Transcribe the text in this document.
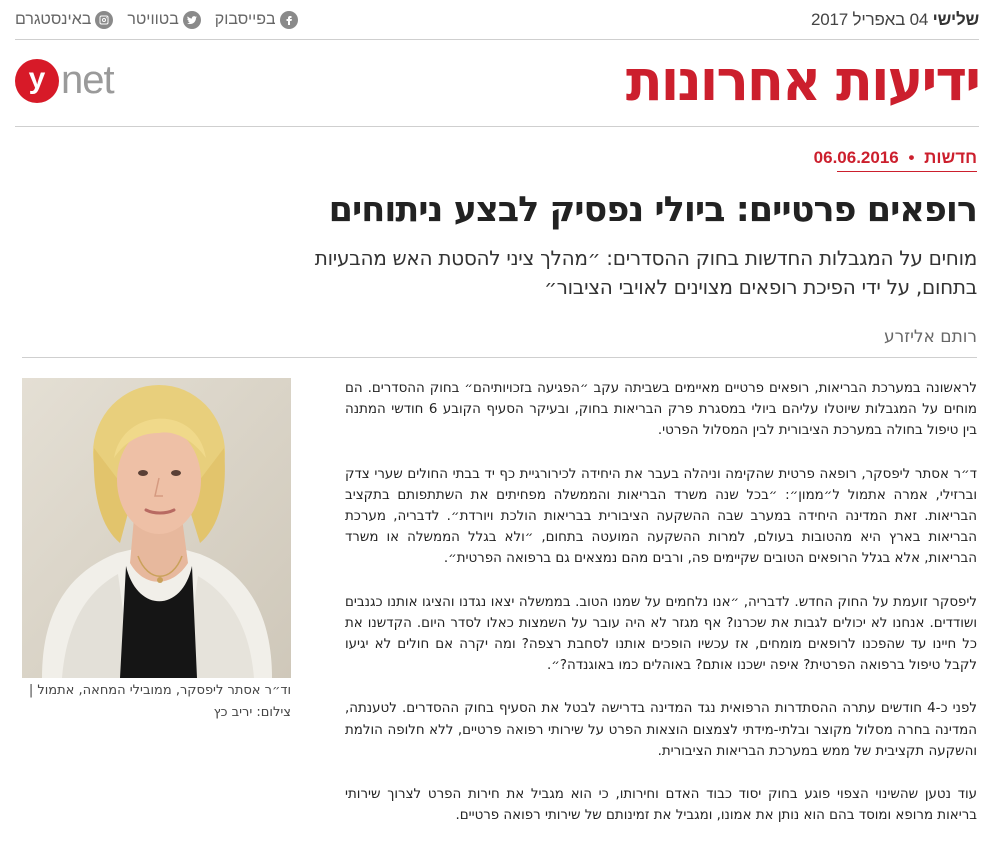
שלישי 04 באפריל 2017
בפייסבוק
בטוויטר
באינסטגרם
ידיעות אחרונות
y net
חדשות • 06.06.2016
רופאים פרטיים: ביולי נפסיק לבצע ניתוחים

מוחים על המגבלות החדשות בחוק ההסדרים: ״מהלך ציני להסטת האש מהבעיות בתחום, על ידי הפיכת רופאים מצוינים לאויבי הציבור״

רותם אליזרע

לראשונה במערכת הבריאות, רופאים פרטיים מאיימים בשביתה עקב ״הפגיעה בזכויותיהם״ בחוק ההסדרים. הם מוחים על המגבלות שיוטלו עליהם ביולי במסגרת פרק הבריאות בחוק, ובעיקר הסעיף הקובע 6 חודשי המתנה בין טיפול בחולה במערכת הציבורית לבין המסלול הפרטי.

ד״ר אסתר ליפסקר, רופאה פרטית שהקימה וניהלה בעבר את היחידה לכירורגיית כף יד בבתי החולים שערי צדק וברזילי, אמרה אתמול ל״ממון״: ״בכל שנה משרד הבריאות והממשלה מפחיתים את השתתפותם בתקציב הבריאות. זאת המדינה היחידה במערב שבה ההשקעה הציבורית בבריאות הולכת ויורדת״. לדבריה, מערכת הבריאות בארץ היא מהטובות בעולם, למרות ההשקעה המועטה בתחום, ״ולא בגלל הממשלה או משרד הבריאות, אלא בגלל הרופאים הטובים שקיימים פה, ורבים מהם נמצאים גם ברפואה הפרטית״.

ליפסקר זועמת על החוק החדש. לדבריה, ״אנו נלחמים על שמנו הטוב. בממשלה יצאו נגדנו והציגו אותנו כגנבים ושודדים. אנחנו לא יכולים לגבות את שכרנו? אף מגזר לא היה עובר על השמצות כאלו לסדר היום. הקדשנו את כל חיינו עד שהפכנו לרופאים מומחים, אז עכשיו הופכים אותנו לסחבת רצפה? ומה יקרה אם חולים לא יגיעו לקבל טיפול ברפואה הפרטית? איפה ישכנו אותם? באוהלים כמו באוגנדה?״.

לפני כ-4 חודשים עתרה ההסתדרות הרפואית נגד המדינה בדרישה לבטל את הסעיף בחוק ההסדרים. לטענתה, המדינה בחרה מסלול מקוצר ובלתי-מידתי לצמצום הוצאות הפרט על שירותי רפואה פרטיים, ללא חלופה הולמת והשקעה תקציבית של ממש במערכת הבריאות הציבורית.

עוד נטען שהשינוי הצפוי פוגע בחוק יסוד כבוד האדם וחירותו, כי הוא מגביל את חירות הפרט לצרוך שירותי בריאות מרופא ומוסד בהם הוא נותן את אמונו, ומגביל את זמינותם של שירותי רפואה פרטיים.

וד״ר אסתר ליפסקר, ממובילי המחאה, אתמול | צילום: יריב כץ
